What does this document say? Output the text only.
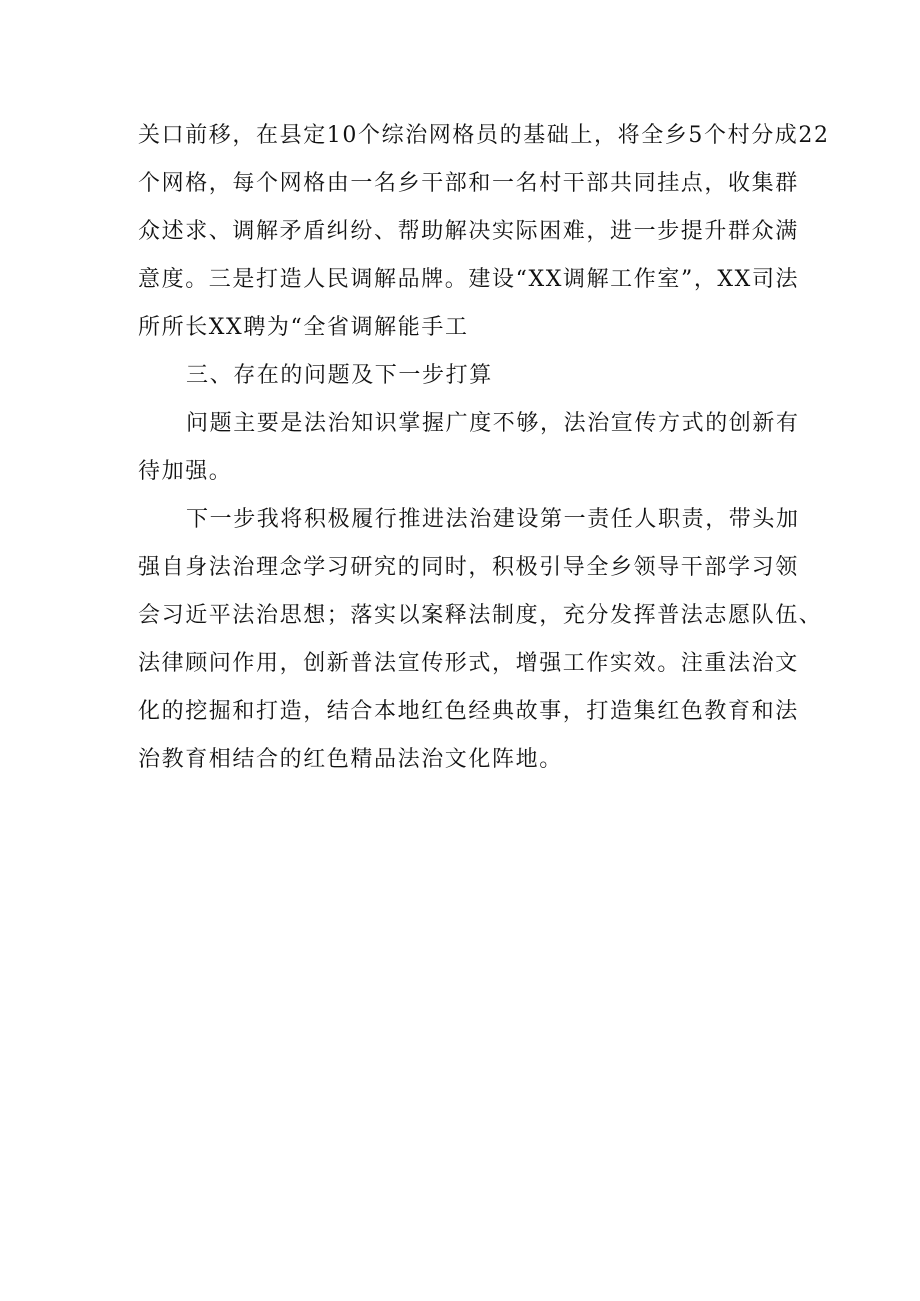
关口前移，在县定10个综治网格员的基础上，将全乡5个村分成22
个网格，每个网格由一名乡干部和一名村干部共同挂点，收集群
众述求、调解矛盾纠纷、帮助解决实际困难，进一步提升群众满
意度。三是打造人民调解品牌。建设“XX调解工作室”，XX司法
所所长XX聘为“全省调解能手工
三、存在的问题及下一步打算
问题主要是法治知识掌握广度不够，法治宣传方式的创新有
待加强。
下一步我将积极履行推进法治建设第一责任人职责，带头加
强自身法治理念学习研究的同时，积极引导全乡领导干部学习领
会习近平法治思想；落实以案释法制度，充分发挥普法志愿队伍、
法律顾问作用，创新普法宣传形式，增强工作实效。注重法治文
化的挖掘和打造，结合本地红色经典故事，打造集红色教育和法
治教育相结合的红色精品法治文化阵地。
